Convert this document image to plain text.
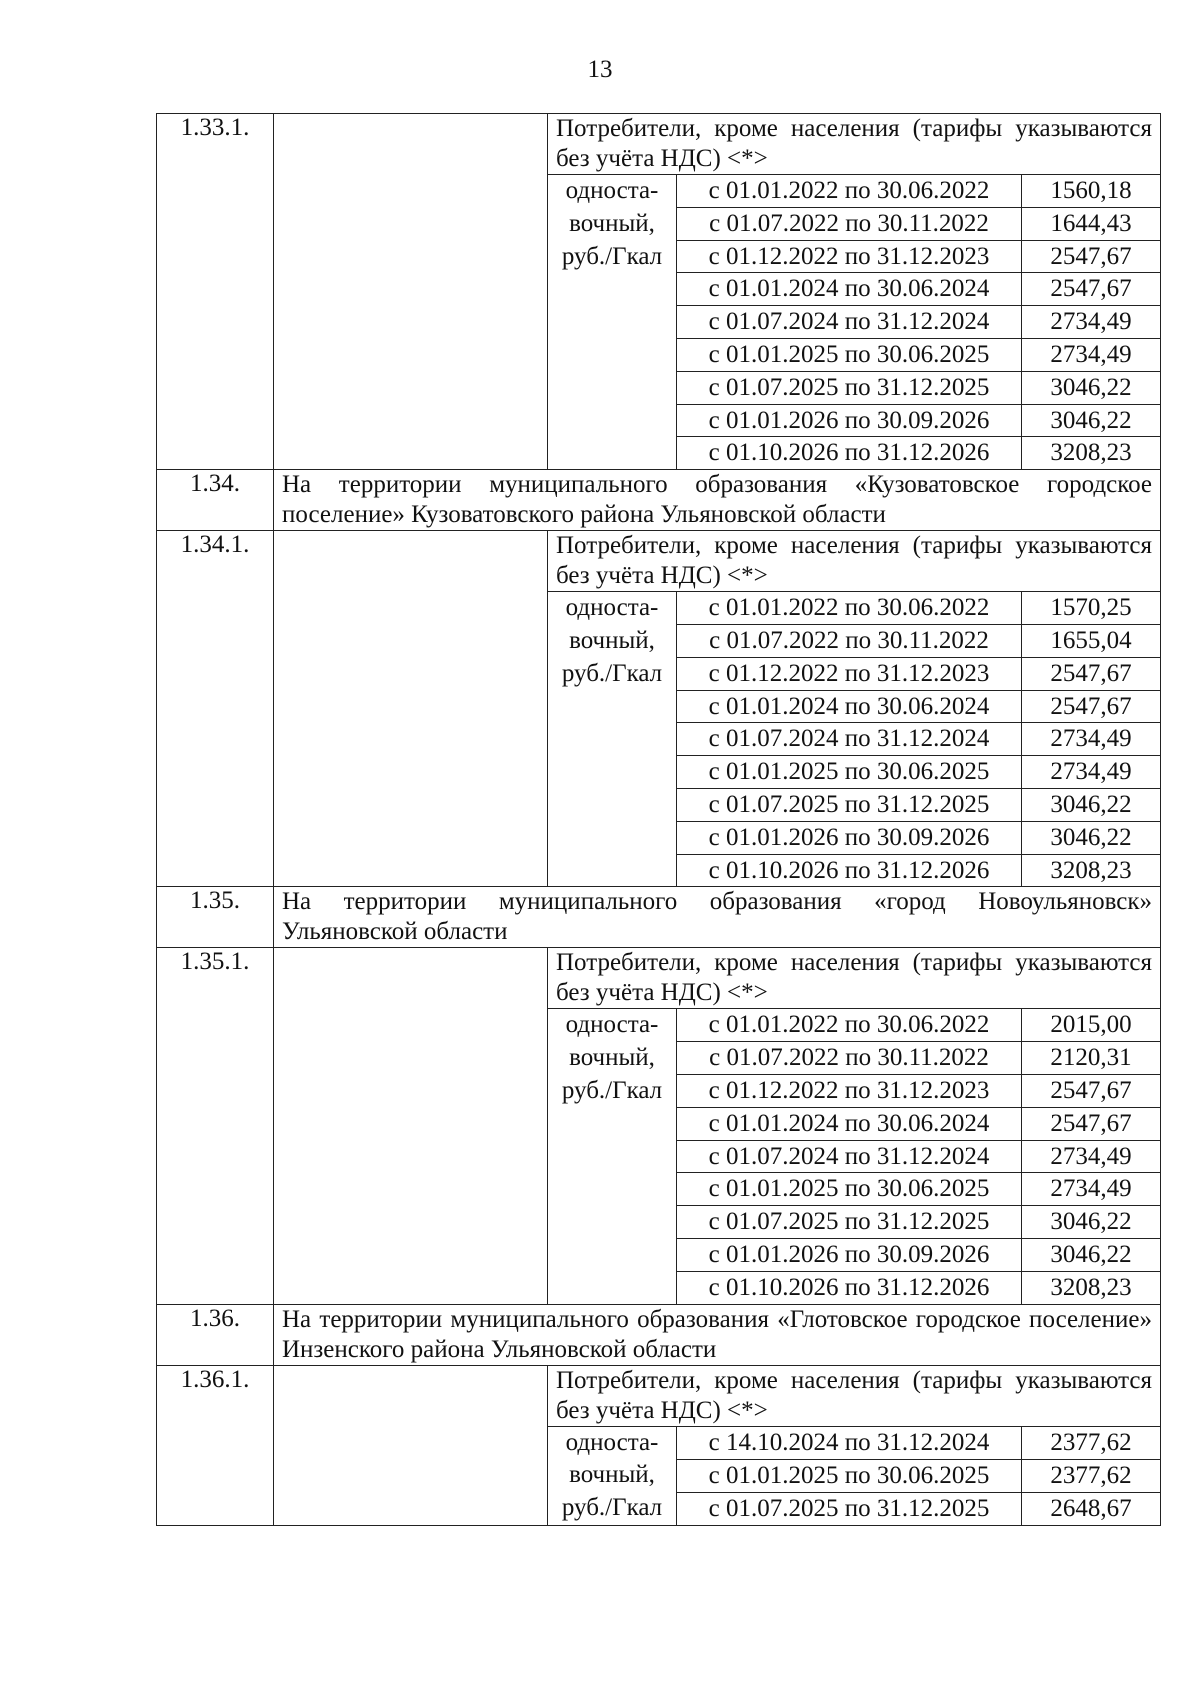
13
1.33.1.		Потребители, кроме населения (тарифы указываются без учёта НДС) <*>		
		односта-вочный, руб./Гкал	с 01.01.2022 по 30.06.2022	1560,18
			с 01.07.2022 по 30.11.2022	1644,43
			с 01.12.2022 по 31.12.2023	2547,67
			с 01.01.2024 по 30.06.2024	2547,67
			с 01.07.2024 по 31.12.2024	2734,49
			с 01.01.2025 по 30.06.2025	2734,49
			с 01.07.2025 по 31.12.2025	3046,22
			с 01.01.2026 по 30.09.2026	3046,22
			с 01.10.2026 по 31.12.2026	3208,23
1.34.	На территории муниципального образования «Кузоватовское городское поселение» Кузоватовского района Ульяновской области			
1.34.1.		Потребители, кроме населения (тарифы указываются без учёта НДС) <*>		
		односта-вочный, руб./Гкал	с 01.01.2022 по 30.06.2022	1570,25
			с 01.07.2022 по 30.11.2022	1655,04
			с 01.12.2022 по 31.12.2023	2547,67
			с 01.01.2024 по 30.06.2024	2547,67
			с 01.07.2024 по 31.12.2024	2734,49
			с 01.01.2025 по 30.06.2025	2734,49
			с 01.07.2025 по 31.12.2025	3046,22
			с 01.01.2026 по 30.09.2026	3046,22
			с 01.10.2026 по 31.12.2026	3208,23
1.35.	На территории муниципального образования «город Новоульяновск» Ульяновской области			
1.35.1.		Потребители, кроме населения (тарифы указываются без учёта НДС) <*>		
		односта-вочный, руб./Гкал	с 01.01.2022 по 30.06.2022	2015,00
			с 01.07.2022 по 30.11.2022	2120,31
			с 01.12.2022 по 31.12.2023	2547,67
			с 01.01.2024 по 30.06.2024	2547,67
			с 01.07.2024 по 31.12.2024	2734,49
			с 01.01.2025 по 30.06.2025	2734,49
			с 01.07.2025 по 31.12.2025	3046,22
			с 01.01.2026 по 30.09.2026	3046,22
			с 01.10.2026 по 31.12.2026	3208,23
1.36.	На территории муниципального образования «Глотовское городское поселение» Инзенского района Ульяновской области			
1.36.1.		Потребители, кроме населения (тарифы указываются без учёта НДС) <*>		
		односта-вочный, руб./Гкал	с 14.10.2024 по 31.12.2024	2377,62
			с 01.01.2025 по 30.06.2025	2377,62
			с 01.07.2025 по 31.12.2025	2648,67
